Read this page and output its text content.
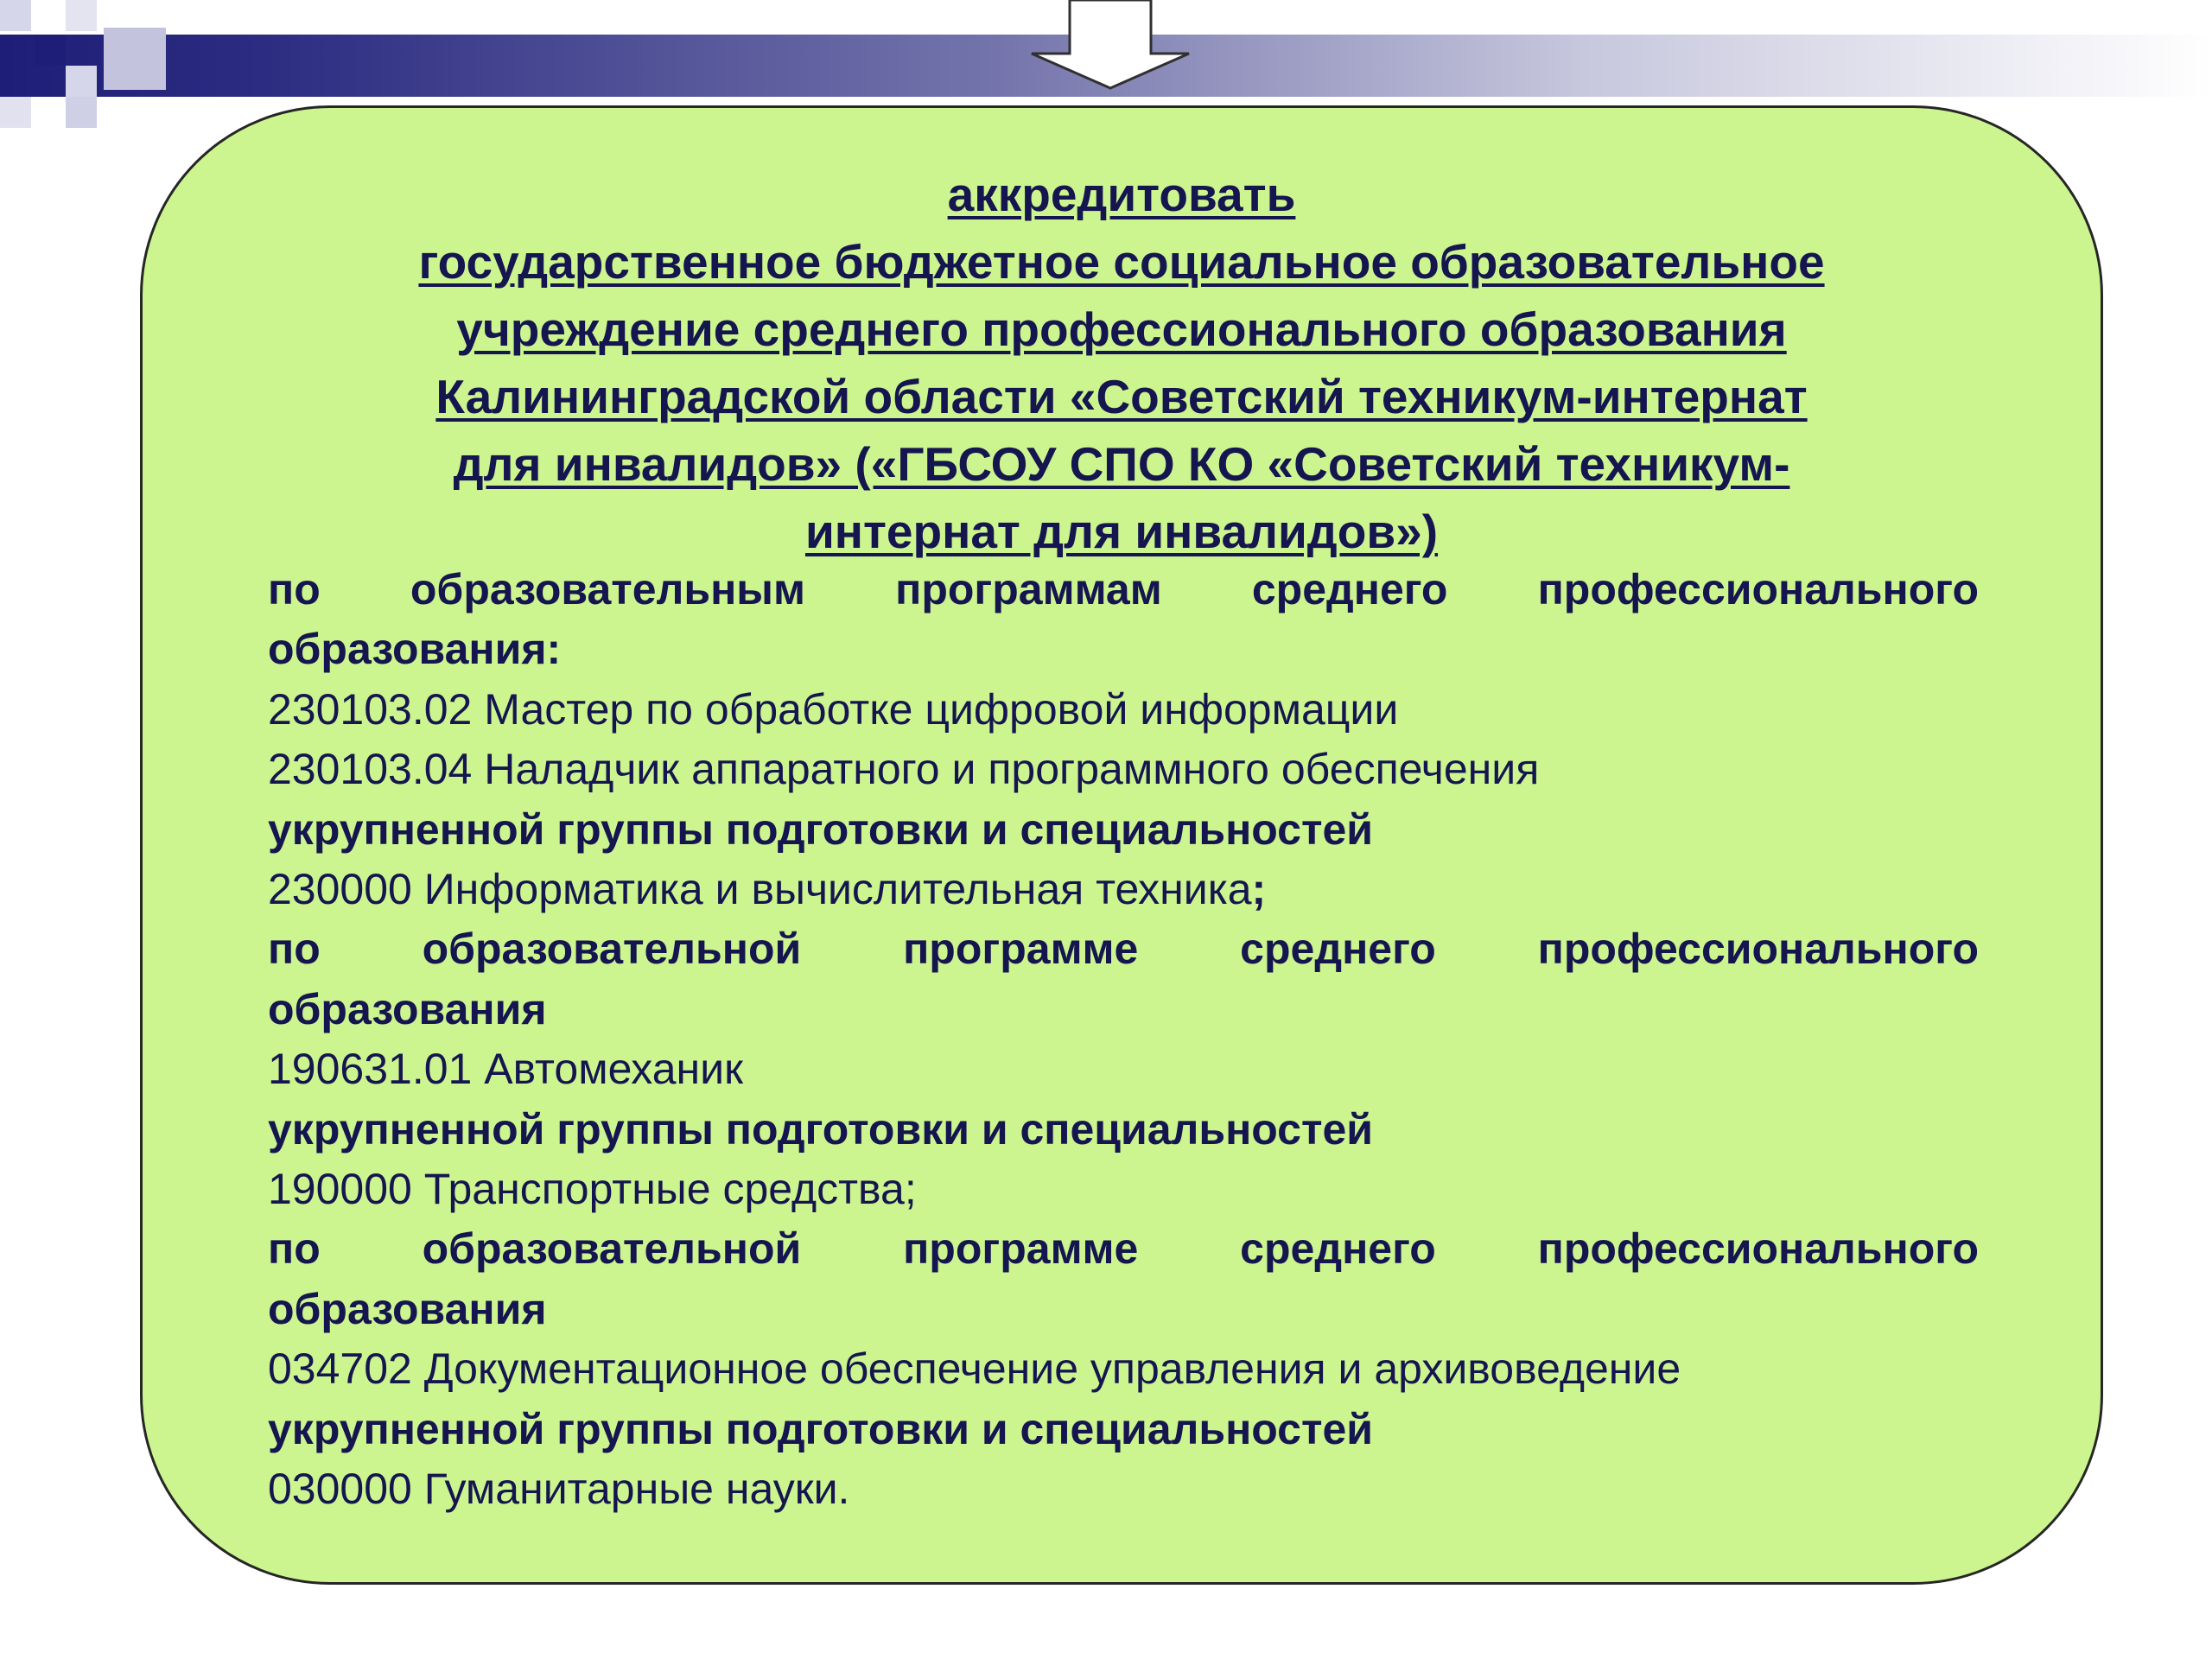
аккредитовать
государственное бюджетное социальное образовательное
учреждение среднего профессионального образования
Калининградской области «Советский техникум-интернат
для инвалидов» («ГБСОУ СПО КО «Советский техникум-
интернат для инвалидов»)
по образовательным программам среднего профессионального
образования:
230103.02 Мастер по обработке цифровой информации
230103.04 Наладчик аппаратного и программного обеспечения
укрупненной группы подготовки и специальностей
230000 Информатика и вычислительная техника;
по образовательной программе среднего профессионального
образования
190631.01 Автомеханик
укрупненной группы подготовки и специальностей
190000 Транспортные средства;
по образовательной программе среднего профессионального
образования
034702 Документационное обеспечение управления и архивоведение
укрупненной группы подготовки и специальностей
030000 Гуманитарные науки.
